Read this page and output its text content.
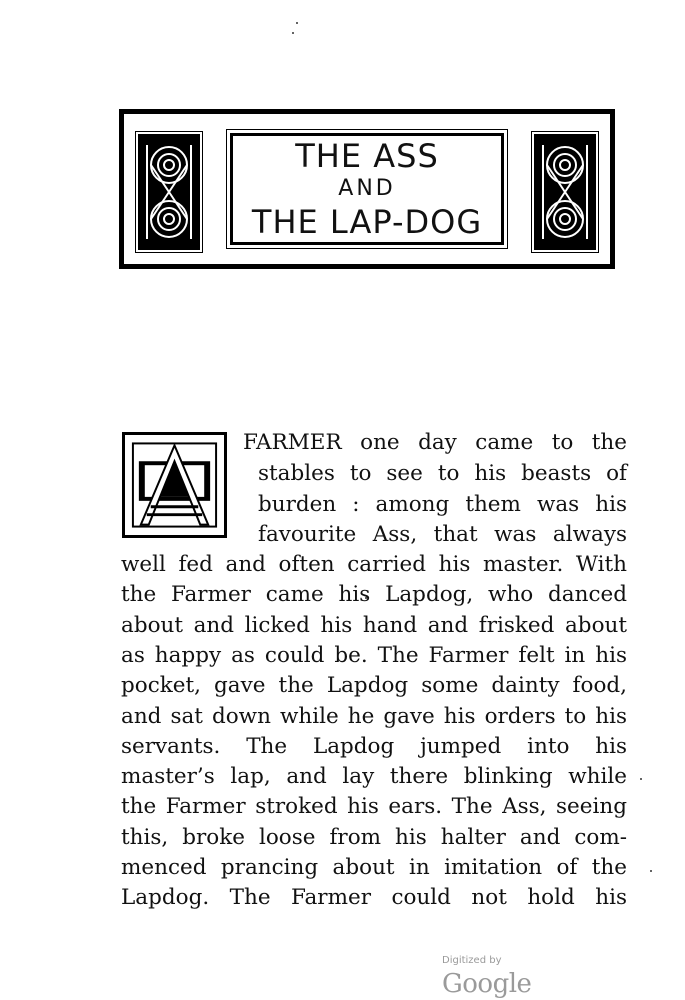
THE ASS
AND
THE LAP-DOG
FARMER one day came to the
stables to see to his beasts of
burden : among them was his
favourite Ass, that was always
well fed and often carried his master. With
the Farmer came his Lapdog, who danced
about and licked his hand and frisked about
as happy as could be. The Farmer felt in his
pocket, gave the Lapdog some dainty food,
and sat down while he gave his orders to his
servants. The Lapdog jumped into his
master’s lap, and lay there blinking while
the Farmer stroked his ears. The Ass, seeing
this, broke loose from his halter and com-
menced prancing about in imitation of the
Lapdog. The Farmer could not hold his
Digitized by Google
